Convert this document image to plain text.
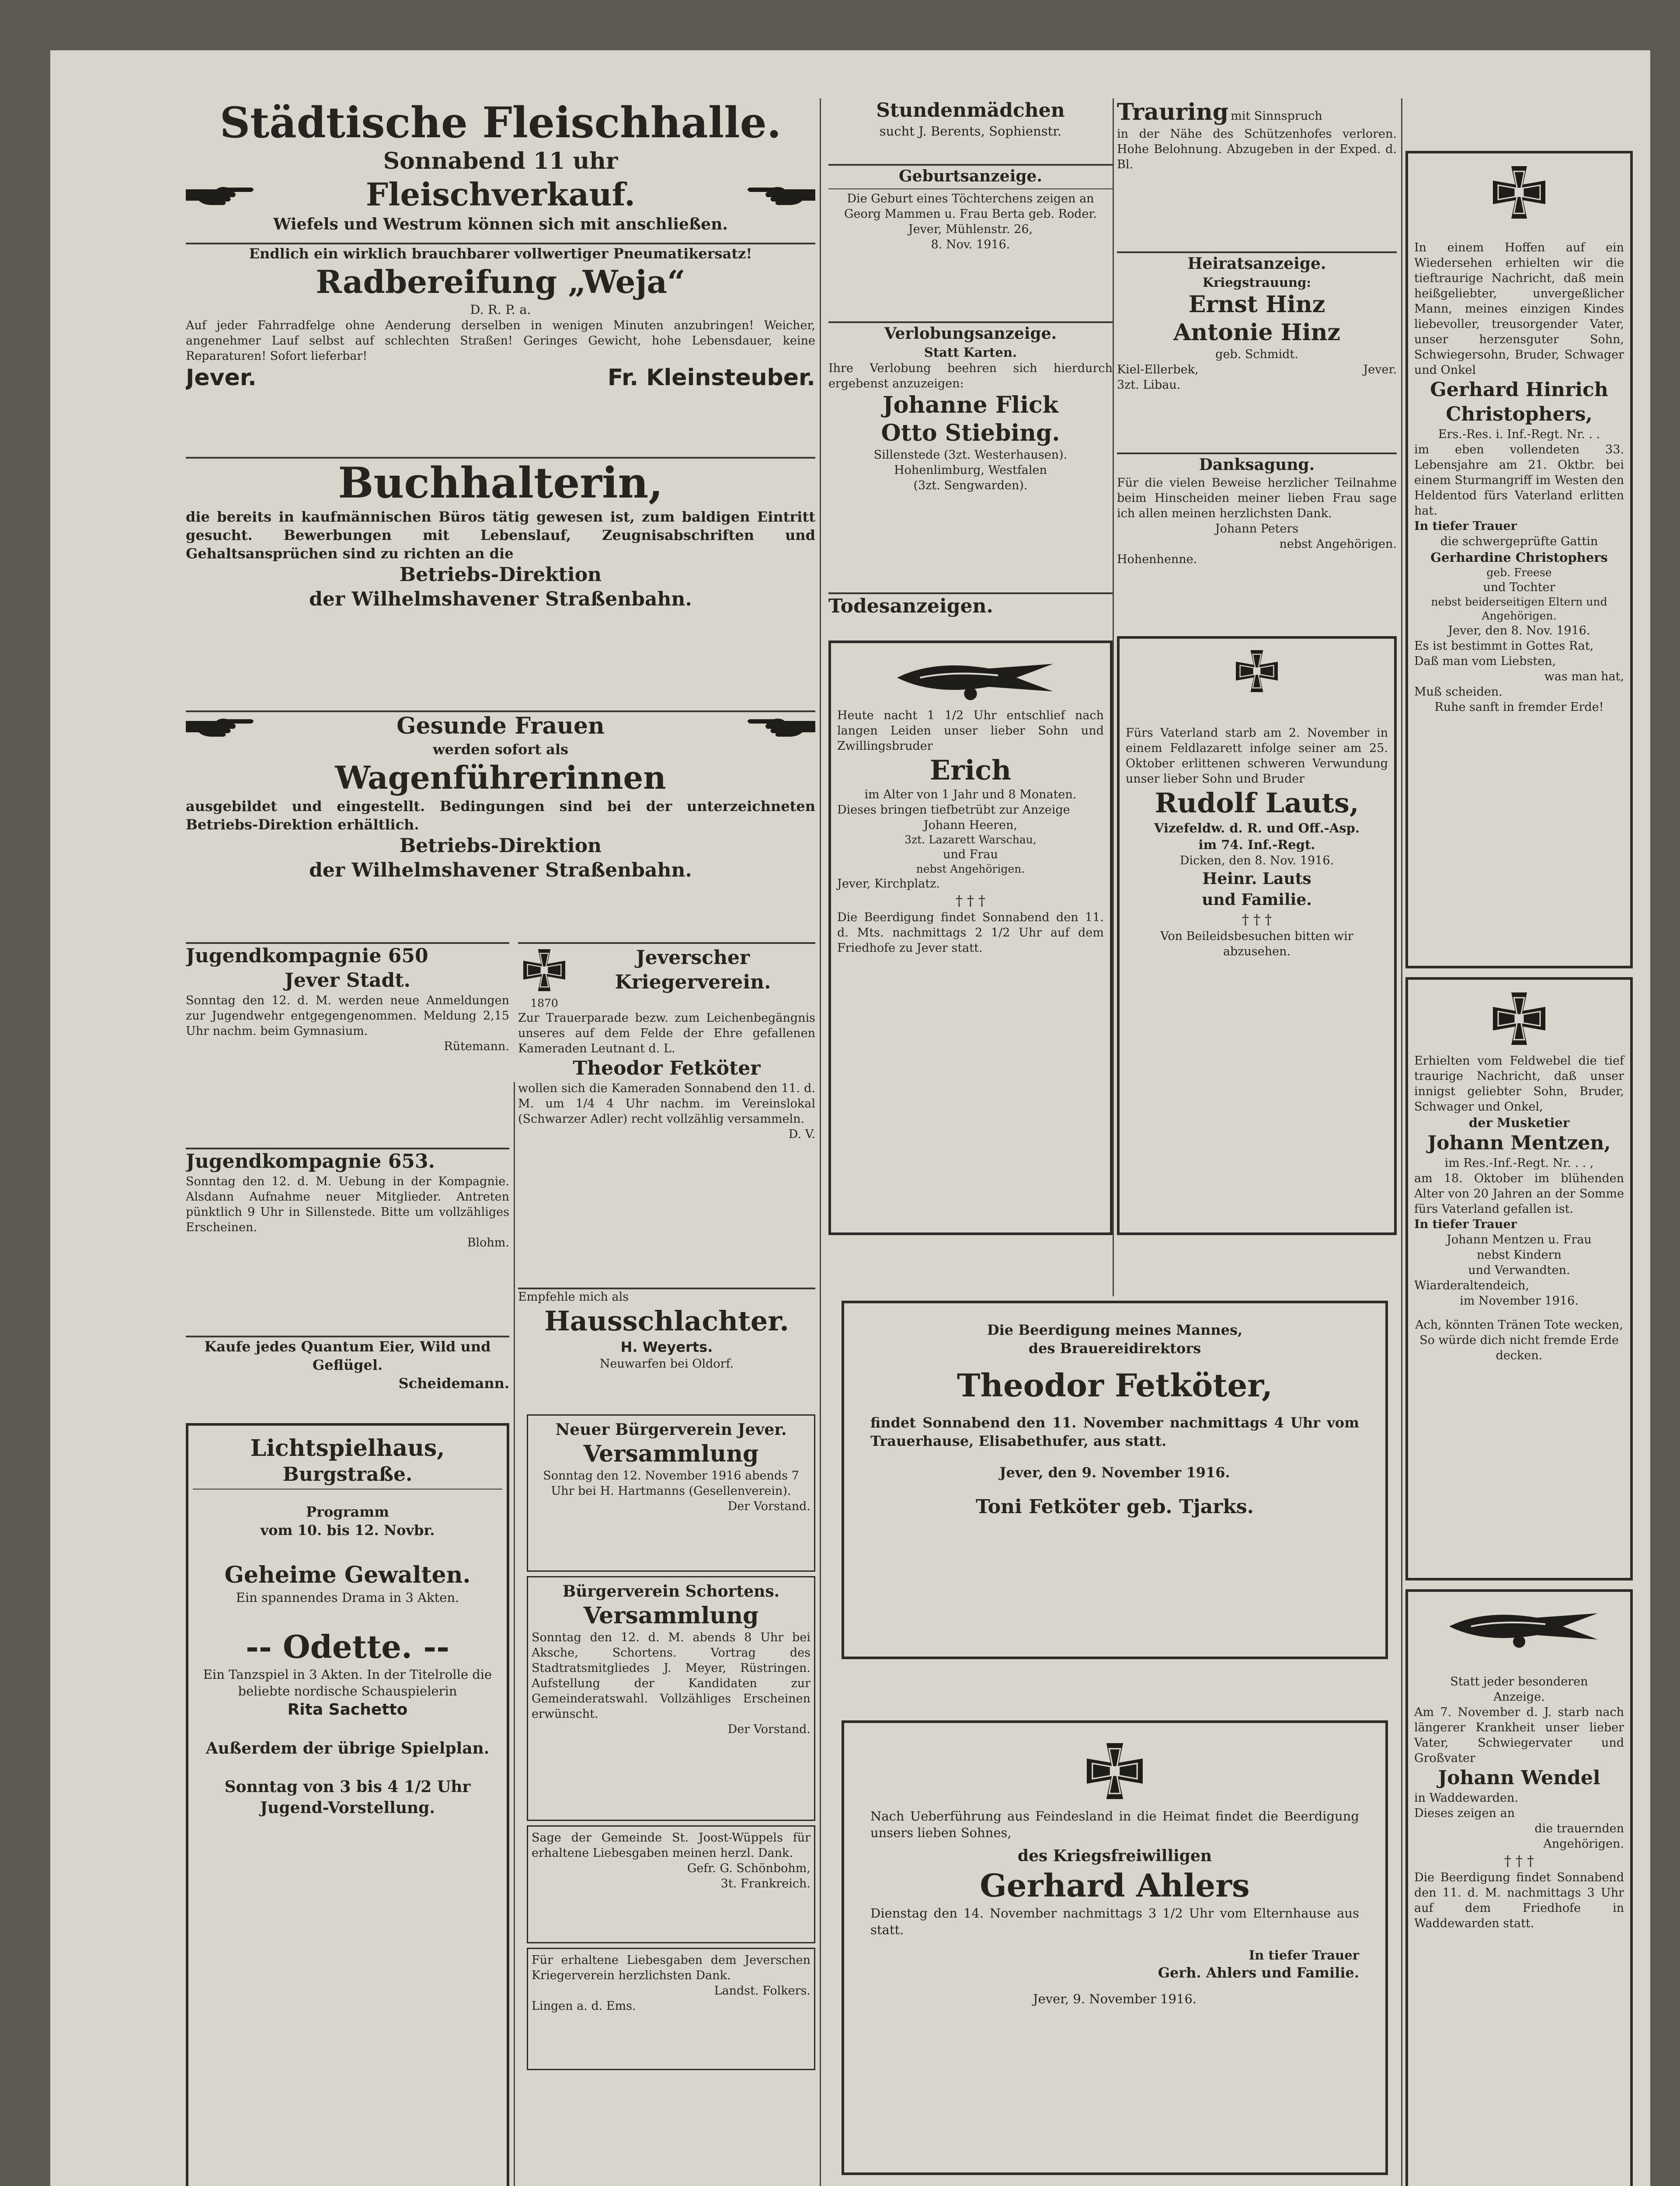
Städtische Fleischhalle.
Sonnabend 11 uhr
Fleischverkauf.
Wiefels und Westrum können sich mit anschließen.
Endlich ein wirklich brauchbarer vollwertiger Pneumatikersatz!
Radbereifung „Weja“
D. R. P. a.
Auf jeder Fahrradfelge ohne Aenderung derselben in wenigen Minuten anzubringen! Weicher, angenehmer Lauf selbst auf schlechten Straßen! Geringes Gewicht, hohe Lebensdauer, keine Reparaturen! Sofort lieferbar!
Jever.	Fr. Kleinsteuber.
Buchhalterin,
die bereits in kaufmännischen Büros tätig gewesen ist, zum baldigen Eintritt gesucht. Bewerbungen mit Lebenslauf, Zeugnisabschriften und Gehaltsansprüchen sind zu richten an die
Betriebs-Direktion
der Wilhelmshavener Straßenbahn.
Gesunde Frauen
werden sofort als
Wagenführerinnen
ausgebildet und eingestellt. Bedingungen sind bei der unterzeichneten Betriebs-Direktion erhältlich.
Betriebs-Direktion
der Wilhelmshavener Straßenbahn.
Jugendkompagnie 650
Jever Stadt.
Sonntag den 12. d. M. werden neue Anmeldungen zur Jugendwehr entgegengenommen. Meldung 2,15 Uhr nachm. beim Gymnasium.
Rütemann.
Jugendkompagnie 653.
Sonntag den 12. d. M. Uebung in der Kompagnie. Alsdann Aufnahme neuer Mitglieder. Antreten pünktlich 9 Uhr in Sillenstede. Bitte um vollzähliges Erscheinen.
Blohm.
Kaufe jedes Quantum Eier, Wild und Geflügel.
Scheidemann.
Lichtspielhaus,
Burgstraße.
Programm
vom 10. bis 12. Novbr.
Geheime Gewalten.
Ein spannendes Drama in 3 Akten.
-- Odette. --
Ein Tanzspiel in 3 Akten. In der Titelrolle die beliebte nordische Schauspielerin
Rita Sachetto
Außerdem der übrige Spielplan.
Sonntag von 3 bis 4 1/2 Uhr Jugend-Vorstellung.
Jeverscher Kriegerverein.
1870
Zur Trauerparade bezw. zum Leichenbegängnis unseres auf dem Felde der Ehre gefallenen Kameraden Leutnant d. L.
Theodor Fetköter
wollen sich die Kameraden Sonnabend den 11. d. M. um 1/4 4 Uhr nachm. im Vereinslokal (Schwarzer Adler) recht vollzählig versammeln.
D. V.
Empfehle mich als
Hausschlachter.
H. Weyerts.
Neuwarfen bei Oldorf.
Neuer Bürgerverein Jever.
Versammlung
Sonntag den 12. November 1916 abends 7 Uhr bei H. Hartmanns (Gesellenverein).
Der Vorstand.
Bürgerverein Schortens.
Versammlung
Sonntag den 12. d. M. abends 8 Uhr bei Aksche, Schortens. Vortrag des Stadtratsmitgliedes J. Meyer, Rüstringen. Aufstellung der Kandidaten zur Gemeinderatswahl. Vollzähliges Erscheinen erwünscht.
Der Vorstand.
Sage der Gemeinde St. Joost-Wüppels für erhaltene Liebesgaben meinen herzl. Dank.
Gefr. G. Schönbohm,
3t. Frankreich.
Für erhaltene Liebesgaben dem Jeverschen Kriegerverein herzlichsten Dank.
Landst. Folkers.
Lingen a. d. Ems.
Stundenmädchen
sucht J. Berents, Sophienstr.
Geburtsanzeige.
Die Geburt eines Töchterchens zeigen an
Georg Mammen u. Frau Berta geb. Roder.
Jever, Mühlenstr. 26,
8. Nov. 1916.
Verlobungsanzeige.
Statt Karten.
Ihre Verlobung beehren sich hierdurch ergebenst anzuzeigen:
Johanne Flick
Otto Stiebing.
Sillenstede (3zt. Westerhausen).
Hohenlimburg, Westfalen
(3zt. Sengwarden).
Todesanzeigen.
Heute nacht 1 1/2 Uhr entschlief nach langen Leiden unser lieber Sohn und Zwillingsbruder
Erich
im Alter von 1 Jahr und 8 Monaten.
Dieses bringen tiefbetrübt zur Anzeige
Johann Heeren,
3zt. Lazarett Warschau,
und Frau
nebst Angehörigen.
Jever, Kirchplatz.
† † †
Die Beerdigung findet Sonnabend den 11. d. Mts. nachmittags 2 1/2 Uhr auf dem Friedhofe zu Jever statt.
Trauring mit Sinnspruch
in der Nähe des Schützenhofes verloren. Hohe Belohnung. Abzugeben in der Exped. d. Bl.
Heiratsanzeige.
Kriegstrauung:
Ernst Hinz
Antonie Hinz
geb. Schmidt.
Kiel-Ellerbek,	Jever.
3zt. Libau.
Danksagung.
Für die vielen Beweise herzlicher Teilnahme beim Hinscheiden meiner lieben Frau sage ich allen meinen herzlichsten Dank.
Johann Peters
nebst Angehörigen.
Hohenhenne.
Fürs Vaterland starb am 2. November in einem Feldlazarett infolge seiner am 25. Oktober erlittenen schweren Verwundung unser lieber Sohn und Bruder
Rudolf Lauts,
Vizefeldw. d. R. und Off.-Asp.
im 74. Inf.-Regt.
Dicken, den 8. Nov. 1916.
Heinr. Lauts
und Familie.
† † †
Von Beileidsbesuchen bitten wir abzusehen.
Die Beerdigung meines Mannes,
des Brauereidirektors
Theodor Fetköter,
findet Sonnabend den 11. November nachmittags 4 Uhr vom Trauerhause, Elisabethufer, aus statt.
Jever, den 9. November 1916.
Toni Fetköter geb. Tjarks.
Nach Ueberführung aus Feindesland in die Heimat findet die Beerdigung unsers lieben Sohnes,
des Kriegsfreiwilligen
Gerhard Ahlers
Dienstag den 14. November nachmittags 3 1/2 Uhr vom Elternhause aus statt.
In tiefer Trauer
Gerh. Ahlers und Familie.
Jever, 9. November 1916.
In einem Hoffen auf ein Wiedersehen erhielten wir die tieftraurige Nachricht, daß mein heißgeliebter, unvergeßlicher Mann, meines einzigen Kindes liebevoller, treusorgender Vater, unser herzensguter Sohn, Schwiegersohn, Bruder, Schwager und Onkel
Gerhard Hinrich Christophers,
Ers.-Res. i. Inf.-Regt. Nr. . .
im eben vollendeten 33. Lebensjahre am 21. Oktbr. bei einem Sturmangriff im Westen den Heldentod fürs Vaterland erlitten hat.
In tiefer Trauer
die schwergeprüfte Gattin
Gerhardine Christophers
geb. Freese
und Tochter
nebst beiderseitigen Eltern und Angehörigen.
Jever, den 8. Nov. 1916.
Es ist bestimmt in Gottes Rat,
Daß man vom Liebsten,
was man hat,
Muß scheiden.
Ruhe sanft in fremder Erde!
Erhielten vom Feldwebel die tief traurige Nachricht, daß unser innigst geliebter Sohn, Bruder, Schwager und Onkel,
der Musketier
Johann Mentzen,
im Res.-Inf.-Regt. Nr. . . ,
am 18. Oktober im blühenden Alter von 20 Jahren an der Somme fürs Vaterland gefallen ist.
In tiefer Trauer
Johann Mentzen u. Frau
nebst Kindern
und Verwandten.
Wiarderaltendeich,
im November 1916.
Ach, könnten Tränen Tote wecken, So würde dich nicht fremde Erde decken.
Statt jeder besonderen
Anzeige.
Am 7. November d. J. starb nach längerer Krankheit unser lieber Vater, Schwiegervater und Großvater
Johann Wendel
in Waddewarden.
Dieses zeigen an
die trauernden
Angehörigen.
† † †
Die Beerdigung findet Sonnabend den 11. d. M. nachmittags 3 Uhr auf dem Friedhofe in Waddewarden statt.
